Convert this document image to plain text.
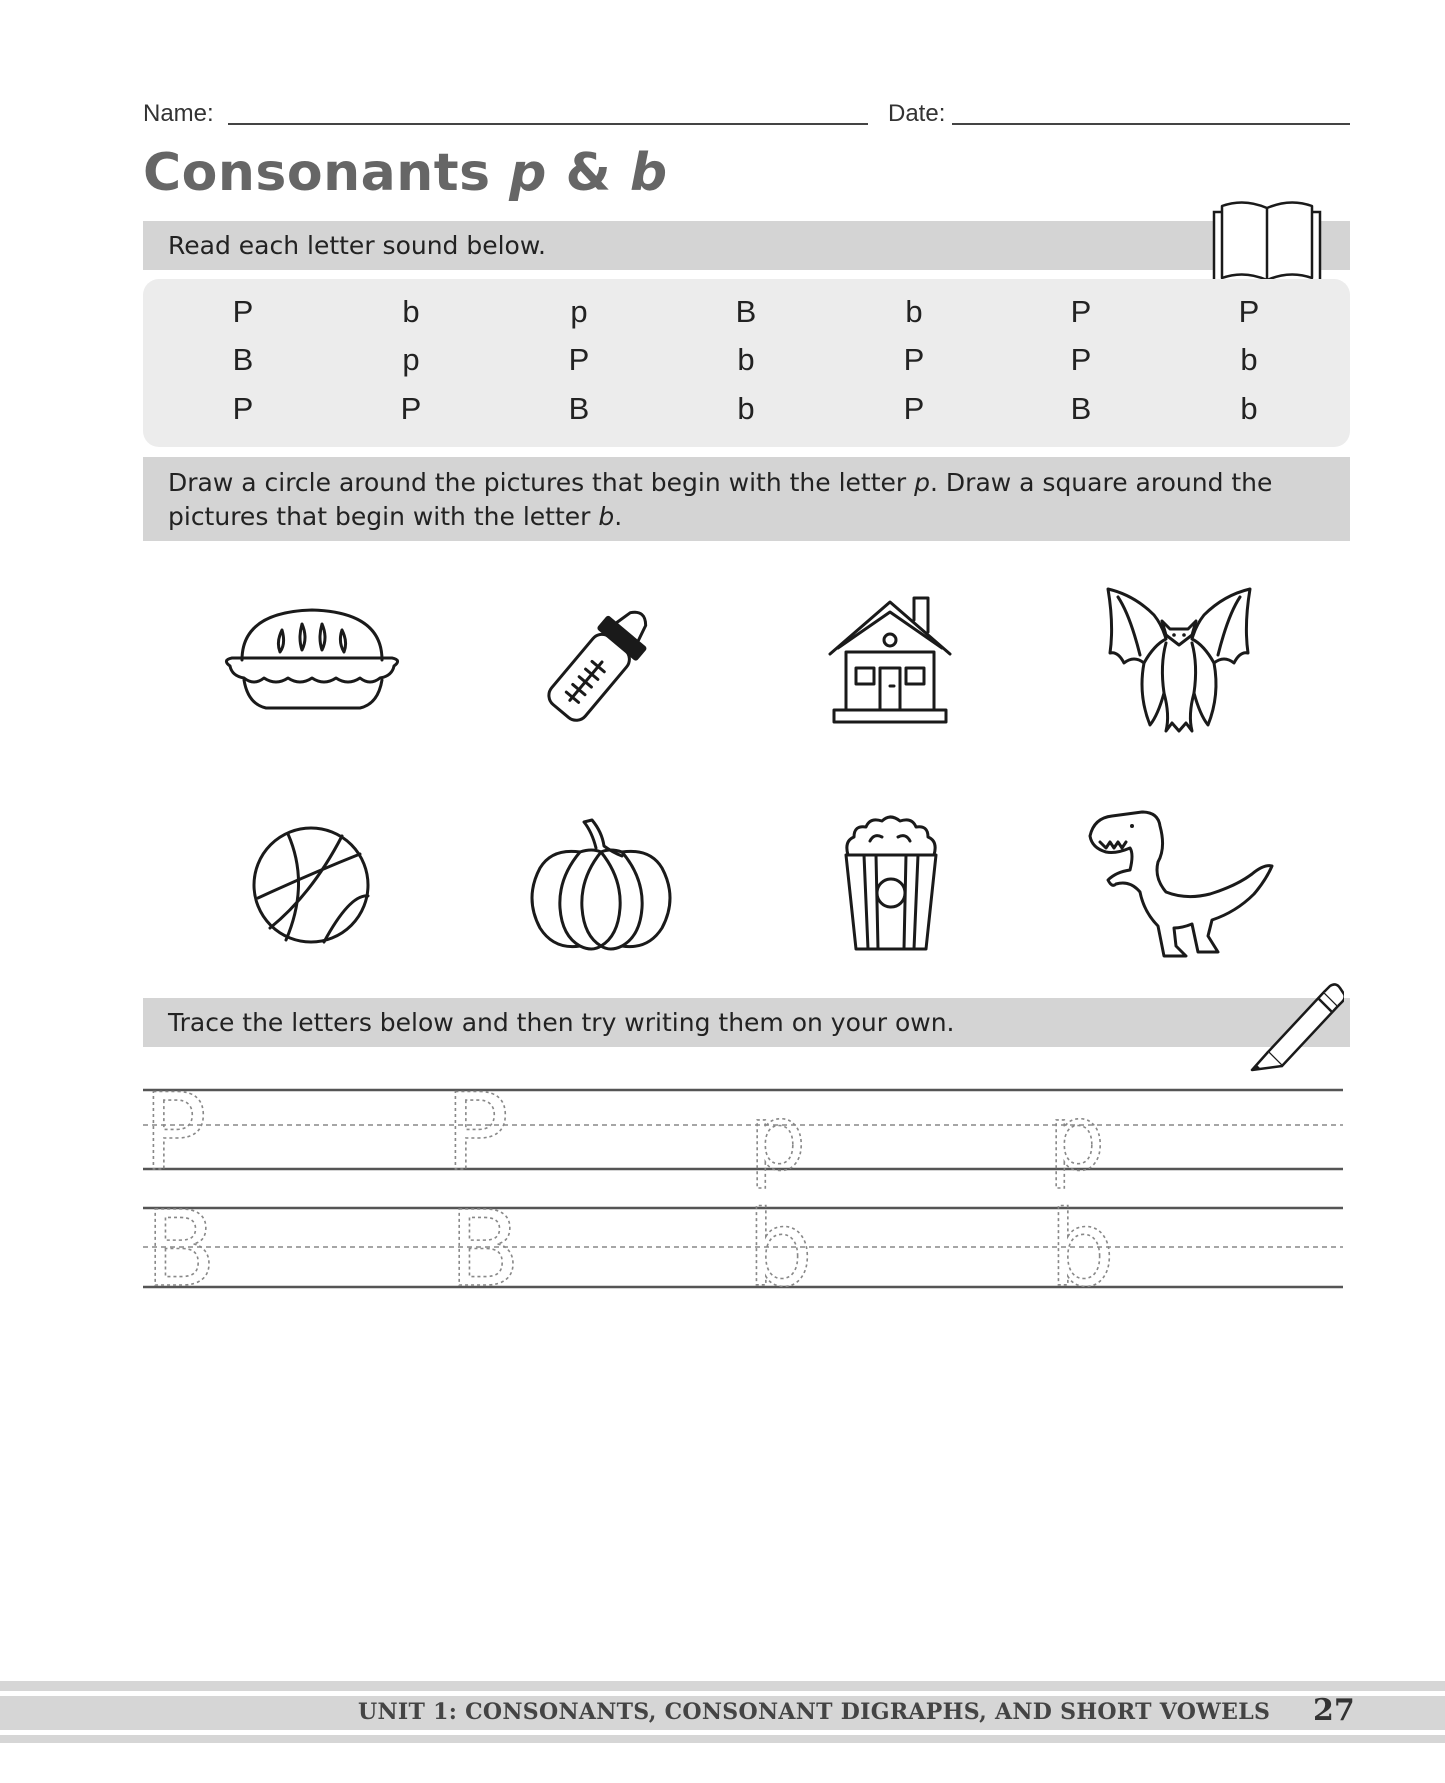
Name:	Date:
Consonants p & b
Read each letter sound below.
P	b	p	B	b	P	P
B	p	P	b	P	P	b
P	P	B	b	P	B	b
Draw a circle around the pictures that begin with the letter p. Draw a square around the
pictures that begin with the letter b.
Trace the letters below and then try writing them on your own.
P P	p	p
B B b b
UNIT 1: CONSONANTS, CONSONANT DIGRAPHS, AND SHORT VOWELS 27
